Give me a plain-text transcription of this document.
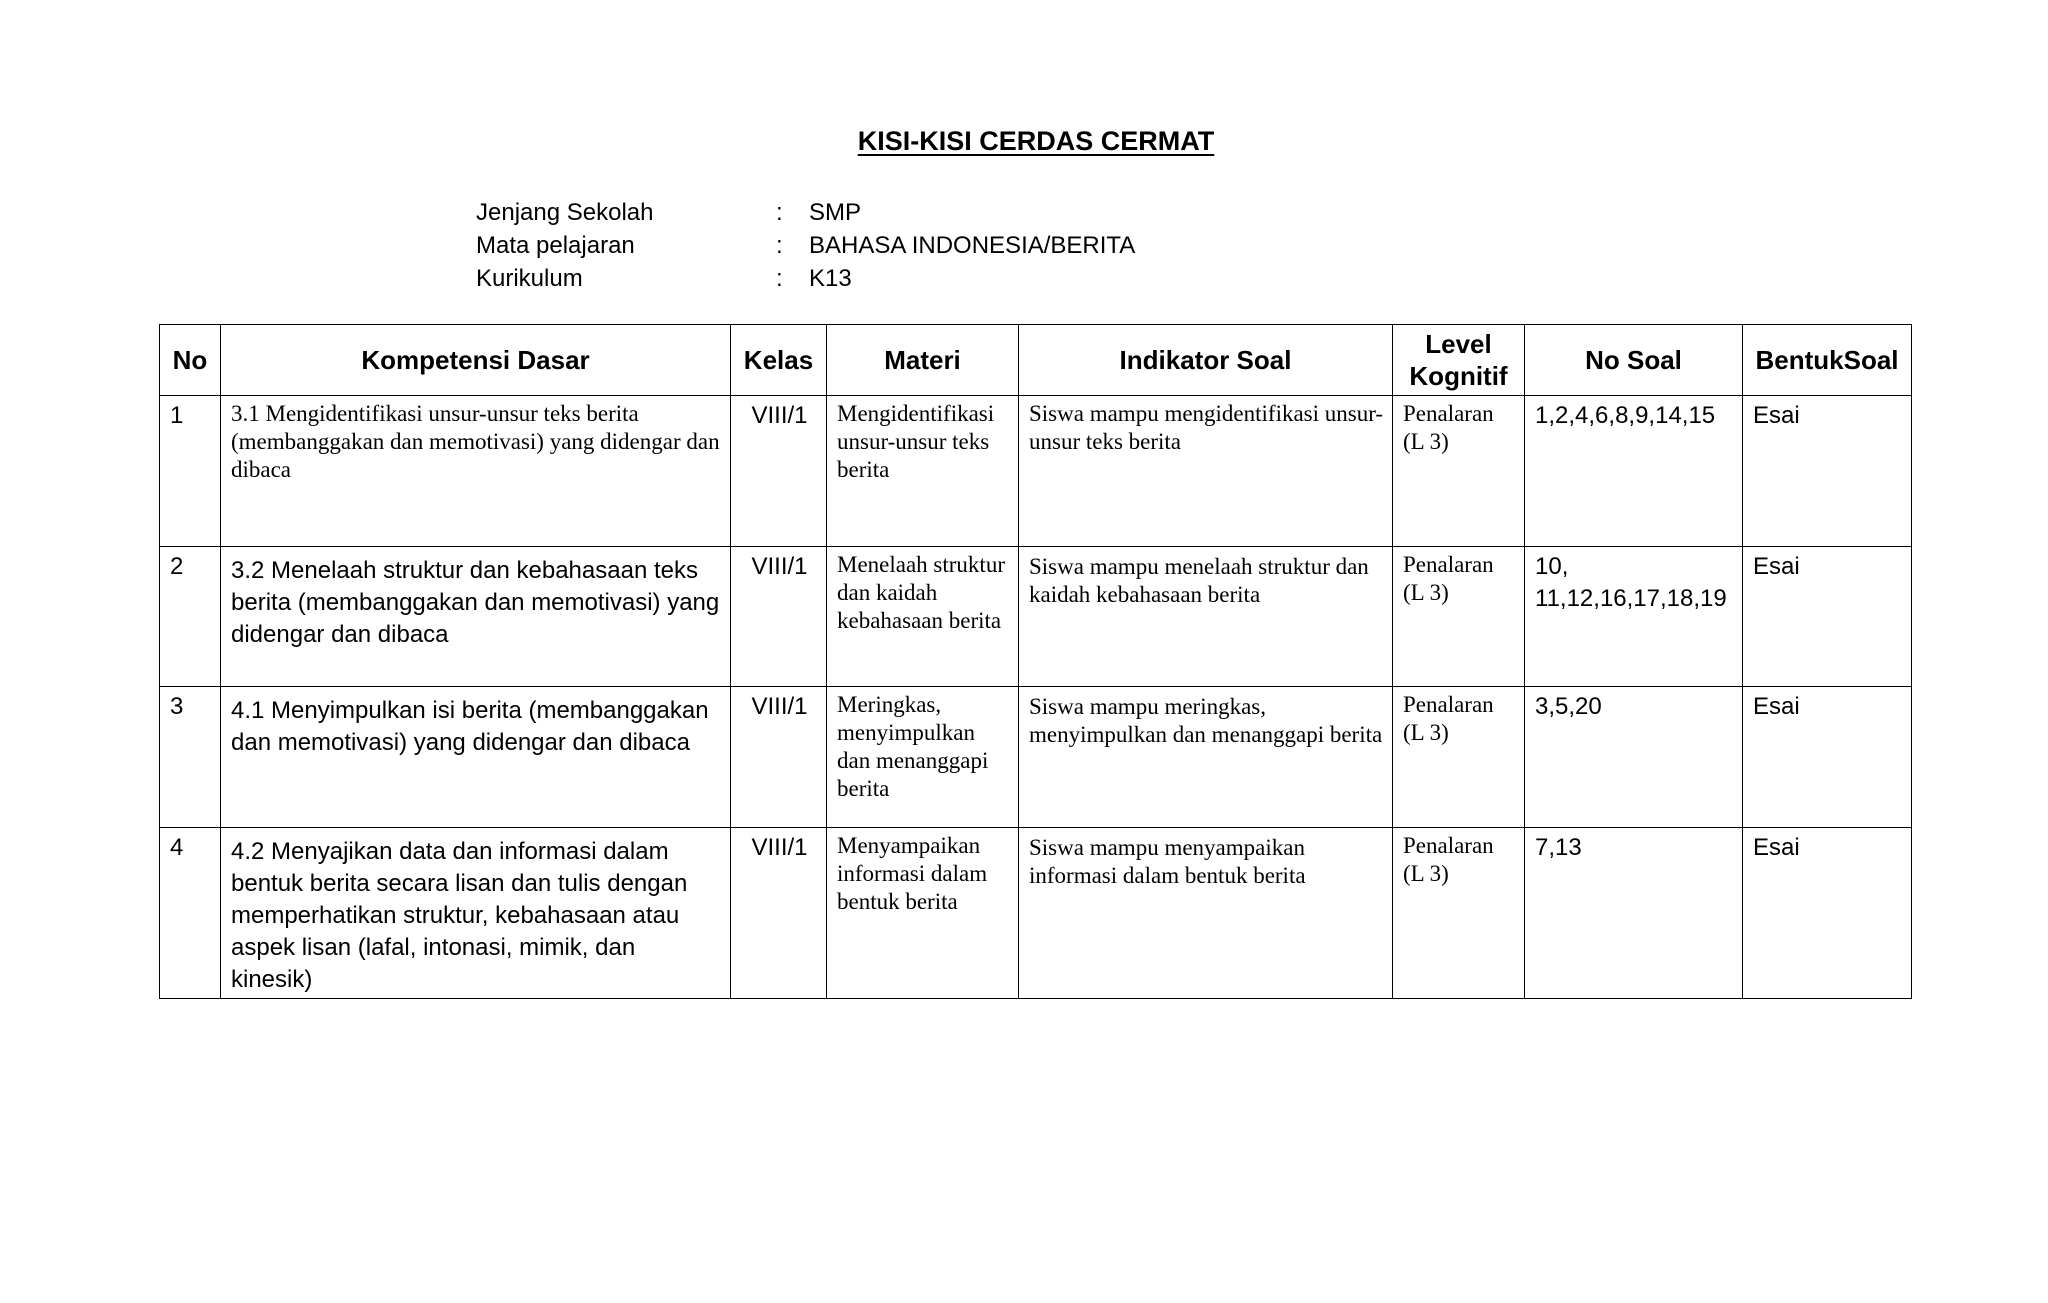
KISI-KISI CERDAS CERMAT
Jenjang Sekolah	:	SMP
Mata pelajaran	:	BAHASA INDONESIA/BERITA
Kurikulum	:	K13
No	Kompetensi Dasar	Kelas	Materi	Indikator Soal	Level Kognitif	No Soal	BentukSoal

1	3.1 Mengidentifikasi unsur-unsur teks berita (membanggakan dan memotivasi) yang didengar dan dibaca	VIII/1	Mengidentifikasi unsur-unsur teks berita	Siswa mampu mengidentifikasi unsur-unsur teks berita	Penalaran (L 3)	1,2,4,6,8,9,14,15	Esai

2	3.2 Menelaah struktur dan kebahasaan teks berita (membanggakan dan memotivasi) yang didengar dan dibaca	VIII/1	Menelaah struktur dan kaidah kebahasaan berita	Siswa mampu menelaah struktur dan kaidah kebahasaan berita	Penalaran (L 3)	10, 11,12,16,17,18,19	Esai

3	4.1 Menyimpulkan isi berita (membanggakan dan memotivasi) yang didengar dan dibaca	VIII/1	Meringkas, menyimpulkan dan menanggapi berita	Siswa mampu meringkas, menyimpulkan dan menanggapi berita	Penalaran (L 3)	3,5,20	Esai

4	4.2 Menyajikan data dan informasi dalam bentuk berita secara lisan dan tulis dengan memperhatikan struktur, kebahasaan atau aspek lisan (lafal, intonasi, mimik, dan kinesik)	VIII/1	Menyampaikan informasi dalam bentuk berita	Siswa mampu menyampaikan informasi dalam bentuk berita	Penalaran (L 3)	7,13	Esai
